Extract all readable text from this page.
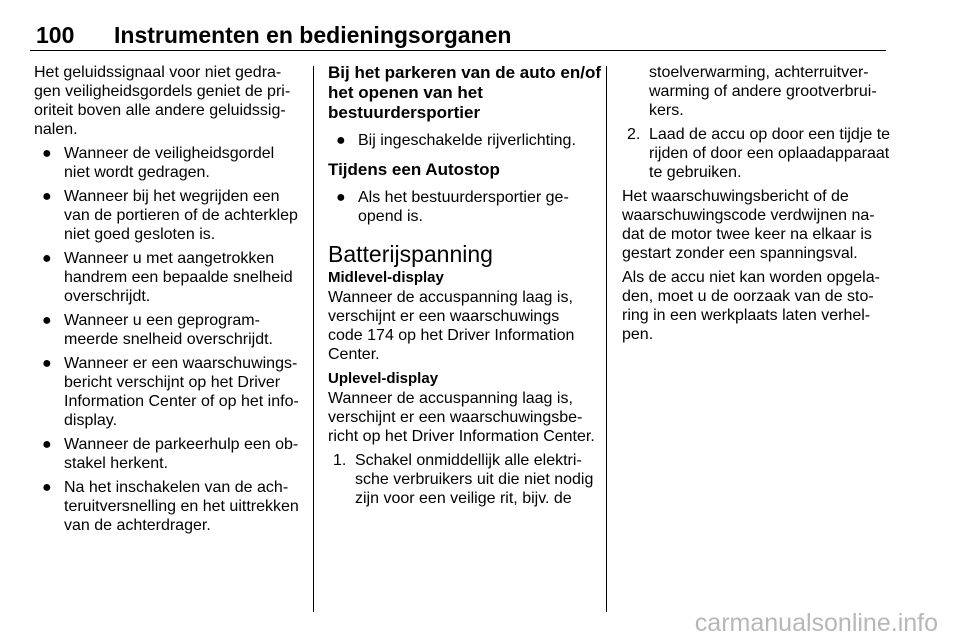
100 Instrumenten en bedieningsorganen

Het geluidssignaal voor niet gedra-
gen veiligheidsgordels geniet de pri-
oriteit boven alle andere geluidssig-
nalen.

● Wanneer de veiligheidsgordel
niet wordt gedragen.
● Wanneer bij het wegrijden een
van de portieren of de achterklep
niet goed gesloten is.
● Wanneer u met aangetrokken
handrem een bepaalde snelheid
overschrijdt.
● Wanneer u een geprogram-
meerde snelheid overschrijdt.
● Wanneer er een waarschuwings-
bericht verschijnt op het Driver
Information Center of op het info-
display.
● Wanneer de parkeerhulp een ob-
stakel herkent.
● Na het inschakelen van de ach-
teruitversnelling en het uittrekken
van de achterdrager.
Bij het parkeren van de auto en/of
het openen van het
bestuurdersportier
● Bij ingeschakelde rijverlichting.
Tijdens een Autostop
● Als het bestuurdersportier ge-
opend is.
Batterijspanning
Midlevel-display

Wanneer de accuspanning laag is,
verschijnt er een waarschuwings
code 174 op het Driver Information
Center.

Uplevel-display

Wanneer de accuspanning laag is,
verschijnt er een waarschuwingsbe-
richt op het Driver Information Center.

1. Schakel onmiddellijk alle elektri-
sche verbruikers uit die niet nodig
zijn voor een veilige rit, bijv. de
stoelverwarming, achterruitver-
warming of andere grootverbrui-
kers.
2. Laad de accu op door een tijdje te
rijden of door een oplaadapparaat
te gebruiken.

Het waarschuwingsbericht of de
waarschuwingscode verdwijnen na-
dat de motor twee keer na elkaar is
gestart zonder een spanningsval.

Als de accu niet kan worden opgela-
den, moet u de oorzaak van de sto-
ring in een werkplaats laten verhel-
pen.

carmanualsonline.info
